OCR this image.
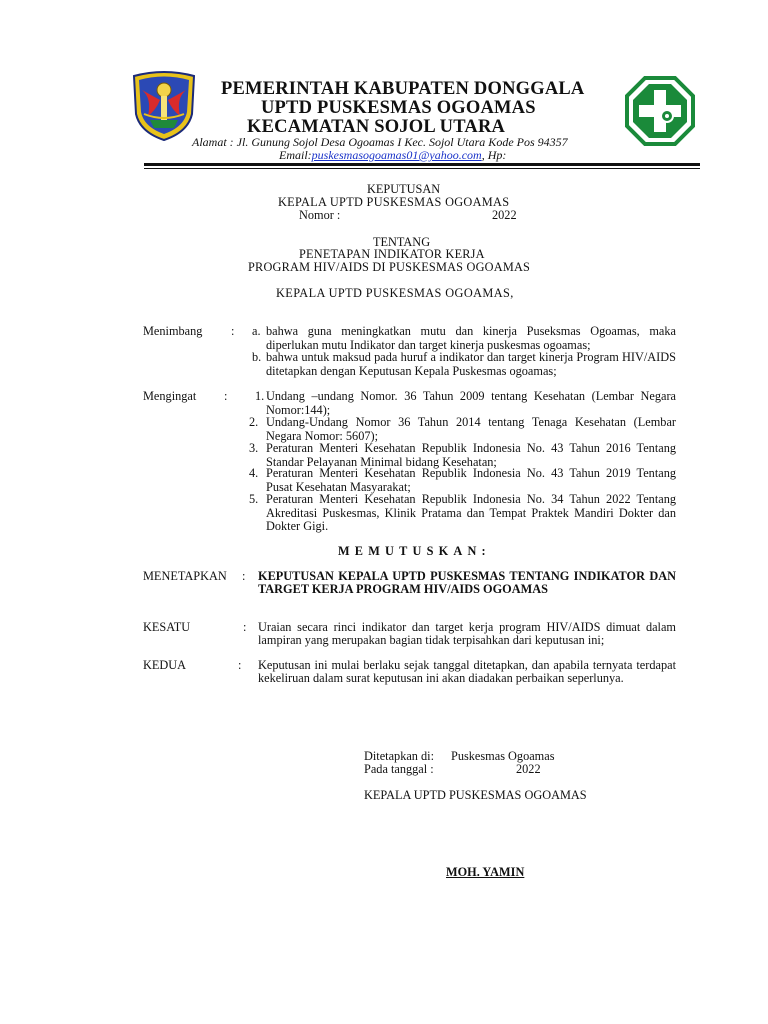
PEMERINTAH KABUPATEN DONGGALA
UPTD PUSKESMAS OGOAMAS
KECAMATAN SOJOL UTARA
Alamat : Jl. Gunung Sojol Desa Ogoamas I Kec. Sojol Utara Kode Pos 94357
Email:puskesmasogoamas01@yahoo.com, Hp:
KEPUTUSAN
KEPALA UPTD PUSKESMAS OGOAMAS
Nomor :	2022
TENTANG
PENETAPAN INDIKATOR KERJA
PROGRAM HIV/AIDS DI PUSKESMAS OGOAMAS
KEPALA UPTD PUSKESMAS OGOAMAS,
Menimbang : a. bahwa guna meningkatkan mutu dan kinerja Puseksmas Ogoamas, maka diperlukan mutu Indikator dan target kinerja puskesmas ogoamas;
b. bahwa untuk maksud pada huruf a indikator dan target kinerja Program HIV/AIDS ditetapkan dengan Keputusan Kepala Puskesmas ogoamas;
Mengingat : 1. Undang –undang Nomor. 36 Tahun 2009 tentang Kesehatan (Lembar Negara Nomor:144);
2. Undang-Undang Nomor 36 Tahun 2014 tentang Tenaga Kesehatan (Lembar Negara Nomor: 5607);
3. Peraturan Menteri Kesehatan Republik Indonesia No. 43 Tahun 2016 Tentang Standar Pelayanan Minimal bidang Kesehatan;
4. Peraturan Menteri Kesehatan Republik Indonesia No. 43 Tahun 2019 Tentang Pusat Kesehatan Masyarakat;
5. Peraturan Menteri Kesehatan Republik Indonesia No. 34 Tahun 2022 Tentang Akreditasi Puskesmas, Klinik Pratama dan Tempat Praktek Mandiri Dokter dan Dokter Gigi.
MEMUTUSKAN:
MENETAPKAN : KEPUTUSAN KEPALA UPTD PUSKESMAS TENTANG INDIKATOR DAN TARGET KERJA PROGRAM HIV/AIDS OGOAMAS
KESATU	: Uraian secara rinci indikator dan target kerja program HIV/AIDS dimuat dalam lampiran yang merupakan bagian tidak terpisahkan dari keputusan ini;
KEDUA	: Keputusan ini mulai berlaku sejak tanggal ditetapkan, dan apabila ternyata terdapat kekeliruan dalam surat keputusan ini akan diadakan perbaikan seperlunya.
Ditetapkan di: Puskesmas Ogoamas
Pada tanggal :	2022
KEPALA UPTD PUSKESMAS OGOAMAS
MOH. YAMIN
